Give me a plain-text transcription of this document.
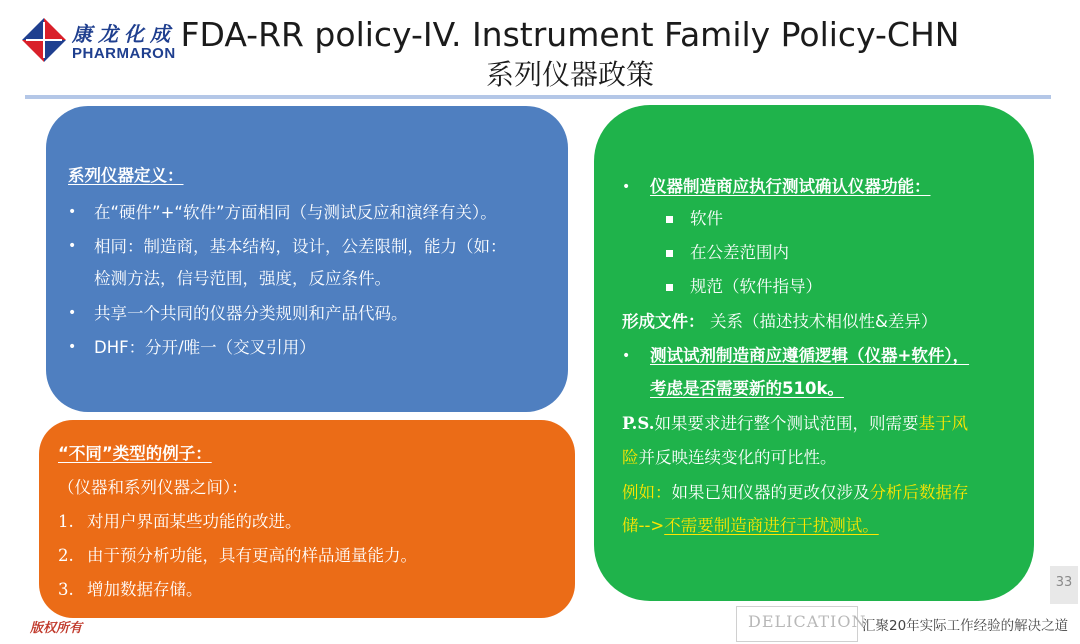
康龙化成
PHARMARON FDA-RR policy-IV. Instrument Family Policy-CHN
系列仪器政策
系列仪器定义：
• 在“硬件”+“软件”方面相同（与测试反应和演绎有关）。
• 相同：制造商，基本结构，设计，公差限制，能力（如：
检测方法，信号范围，强度，反应条件。
• 共享一个共同的仪器分类规则和产品代码。
• DHF：分开/唯一（交叉引用）
“不同”类型的例子：
（仪器和系列仪器之间）：
1. 对用户界面某些功能的改进。
2. 由于预分析功能，具有更高的样品通量能力。
3. 增加数据存储。
• 仪器制造商应执行测试确认仪器功能：
软件
在公差范围内
规范（软件指导）
形成文件： 关系（描述技术相似性&差异）
• 测试试剂制造商应遵循逻辑（仪器+软件），
考虑是否需要新的510k。
P.S.如果要求进行整个测试范围，则需要基于风
险并反映连续变化的可比性。
例如：如果已知仪器的更改仅涉及分析后数据存
储-->不需要制造商进行干扰测试。
33
版权所有	DELICATION
汇聚20年实际工作经验的解决之道
